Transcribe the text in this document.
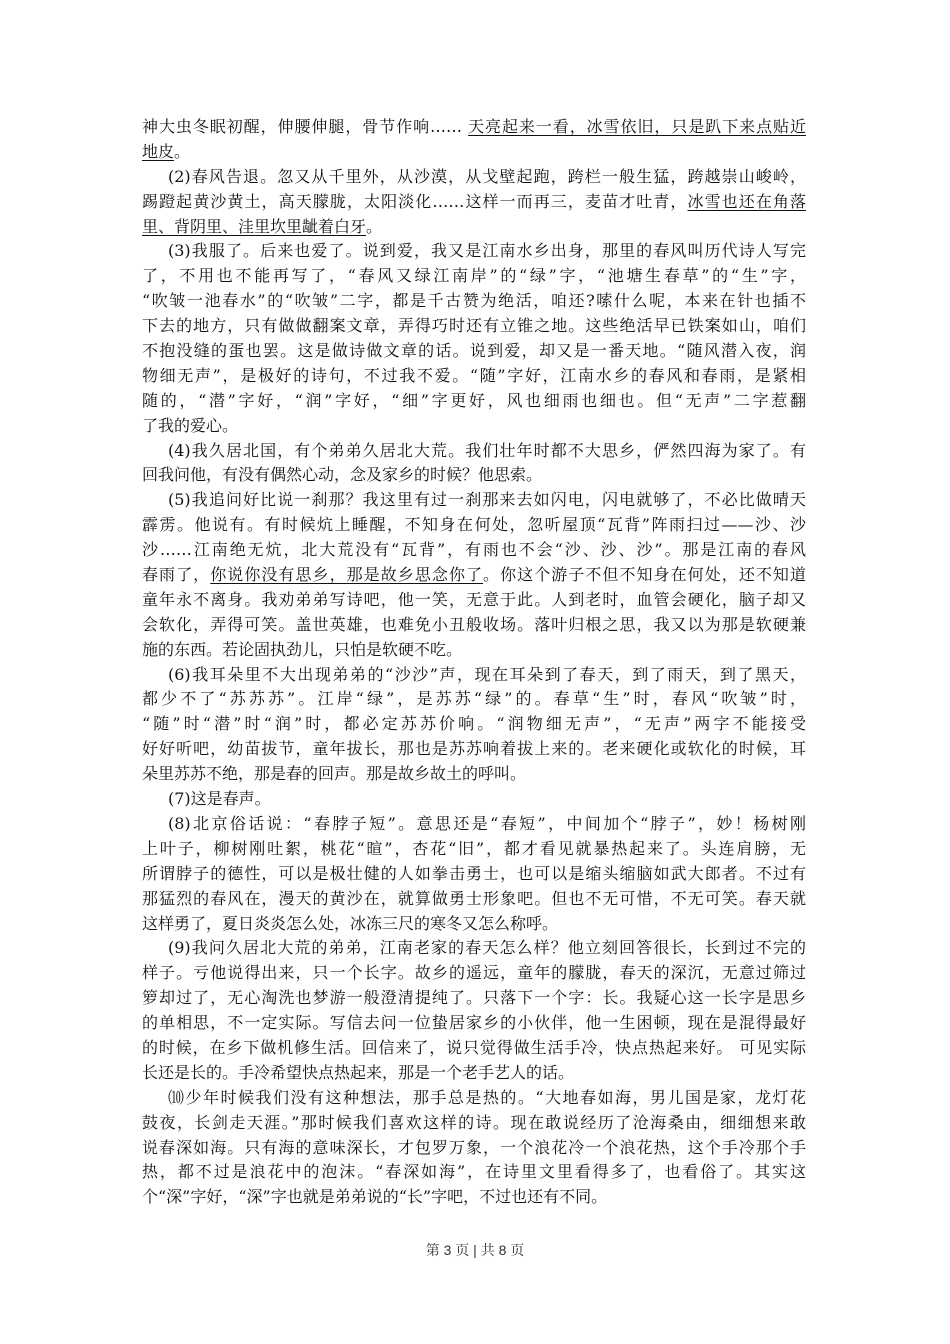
神大虫冬眠初醒，伸腰伸腿，骨节作响…… 天亮起来一看，冰雪依旧，只是趴下来点贴近
地皮。
(2)春风告退。忽又从千里外，从沙漠，从戈壁起跑，跨栏一般生猛，跨越崇山峻岭，
踢蹬起黄沙黄土，高天朦胧，太阳淡化……这样一而再三，麦苗才吐青，冰雪也还在角落
里、背阴里、洼里坎里龇着白牙。
(3)我服了。后来也爱了。说到爱，我又是江南水乡出身，那里的春风叫历代诗人写完
了，不用也不能再写了，“春风又绿江南岸”的“绿”字，“池塘生春草”的“生”字，
“吹皱一池春水”的“吹皱”二字，都是千古赞为绝活，咱还?嗦什么呢，本来在针也插不
下去的地方，只有做做翻案文章，弄得巧时还有立锥之地。这些绝活早已铁案如山，咱们
不抱没缝的蛋也罢。这是做诗做文章的话。说到爱，却又是一番天地。“随风潜入夜，润
物细无声”，是极好的诗句，不过我不爱。“随”字好，江南水乡的春风和春雨，是紧相
随的，“潜”字好，“润”字好，“细”字更好，风也细雨也细也。但“无声”二字惹翻
了我的爱心。
(4)我久居北国，有个弟弟久居北大荒。我们壮年时都不大思乡，俨然四海为家了。有
回我问他，有没有偶然心动，念及家乡的时候？他思索。
(5)我追问好比说一刹那？我这里有过一刹那来去如闪电，闪电就够了，不必比做晴天
霹雳。他说有。有时候炕上睡醒，不知身在何处，忽听屋顶“瓦背”阵雨扫过——沙、沙
沙……江南绝无炕，北大荒没有“瓦背”，有雨也不会“沙、沙、沙”。那是江南的春风
春雨了，你说你没有思乡，那是故乡思念你了。你这个游子不但不知身在何处，还不知道
童年永不离身。我劝弟弟写诗吧，他一笑，无意于此。人到老时，血管会硬化，脑子却又
会软化，弄得可笑。盖世英雄，也难免小丑般收场。落叶归根之思，我又以为那是软硬兼
施的东西。若论固执劲儿，只怕是软硬不吃。
(6)我耳朵里不大出现弟弟的“沙沙”声，现在耳朵到了春天，到了雨天，到了黑天，
都少不了“苏苏苏”。江岸“绿”，是苏苏“绿”的。春草“生”时，春风“吹皱”时，
“随”时“潜”时“润”时，都必定苏苏价响。“润物细无声”，“无声”两字不能接受
好好听吧，幼苗拔节，童年拔长，那也是苏苏响着拔上来的。老来硬化或软化的时候，耳
朵里苏苏不绝，那是春的回声。那是故乡故土的呼叫。
(7)这是春声。
(8)北京俗话说：“春脖子短”。意思还是“春短”，中间加个“脖子”，妙！杨树刚
上叶子，柳树刚吐絮，桃花“暄”，杏花“旧”，都才看见就暴热起来了。头连肩膀，无
所谓脖子的德性，可以是极壮健的人如拳击勇士，也可以是缩头缩脑如武大郎者。不过有
那猛烈的春风在，漫天的黄沙在，就算做勇士形象吧。但也不无可惜，不无可笑。春天就
这样勇了，夏日炎炎怎么处，冰冻三尺的寒冬又怎么称呼。
(9)我问久居北大荒的弟弟，江南老家的春天怎么样？他立刻回答很长，长到过不完的
样子。亏他说得出来，只一个长字。故乡的遥远，童年的朦胧，春天的深沉，无意过筛过
箩却过了，无心淘洗也梦游一般澄清提纯了。只落下一个字：长。我疑心这一长字是思乡
的单相思，不一定实际。写信去问一位蛰居家乡的小伙伴，他一生困顿，现在是混得最好
的时候，在乡下做机修生活。回信来了，说只觉得做生活手冷，快点热起来好。 可见实际
长还是长的。手冷希望快点热起来，那是一个老手艺人的话。
⑽少年时候我们没有这种想法，那手总是热的。“大地春如海，男儿国是家，龙灯花
鼓夜，长剑走天涯。”那时候我们喜欢这样的诗。现在敢说经历了沧海桑由，细细想来敢
说春深如海。只有海的意味深长，才包罗万象，一个浪花冷一个浪花热，这个手冷那个手
热，都不过是浪花中的泡沫。“春深如海”，在诗里文里看得多了，也看俗了。其实这
个“深”字好，“深”字也就是弟弟说的“长”字吧，不过也还有不同。
第 3 页 | 共 8 页
